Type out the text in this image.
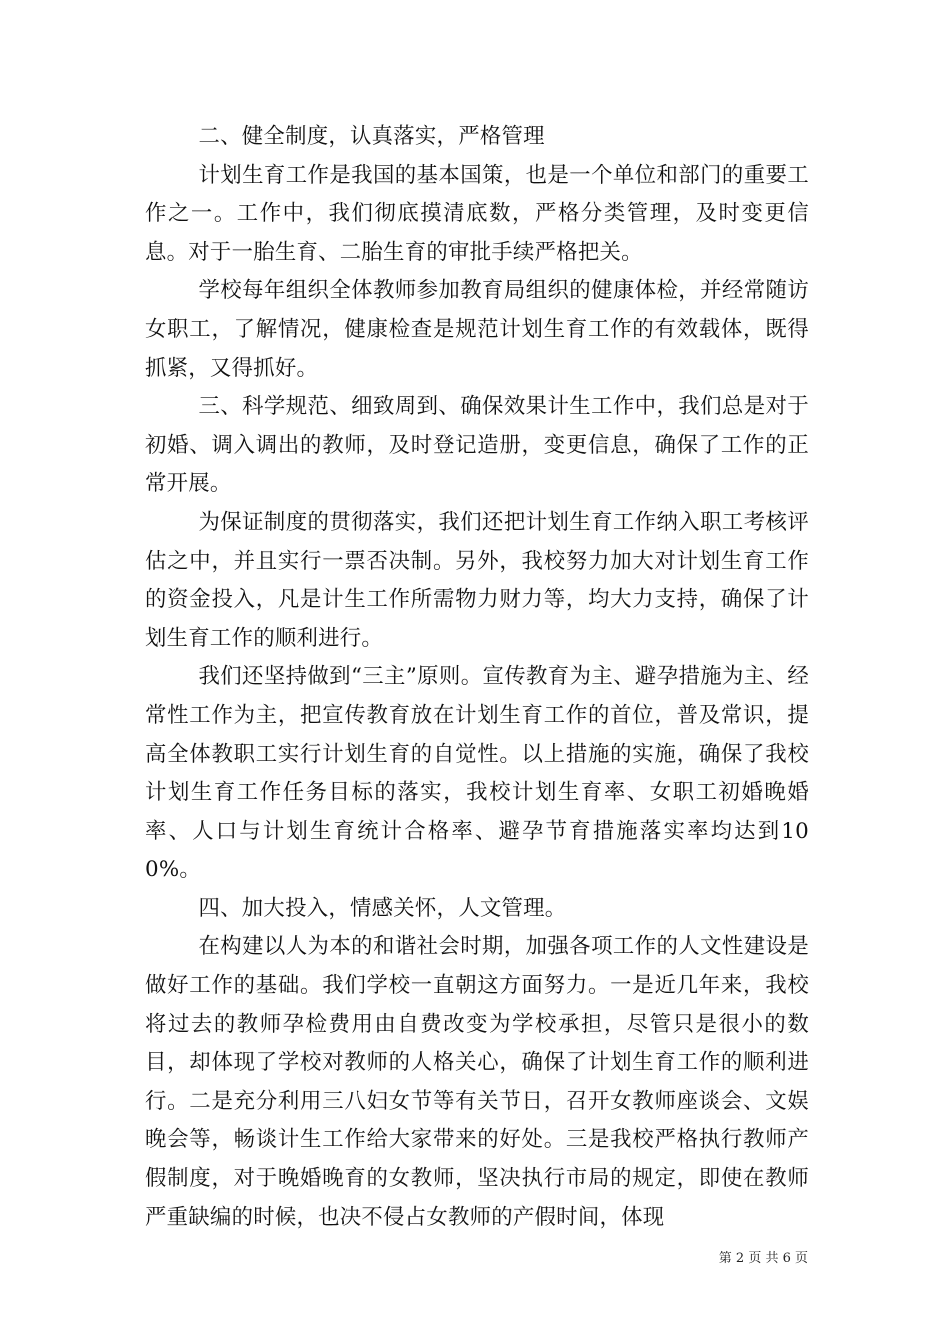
二、健全制度，认真落实，严格管理

计划生育工作是我国的基本国策，也是一个单位和部门的重要工作之一。工作中，我们彻底摸清底数，严格分类管理，及时变更信息。对于一胎生育、二胎生育的审批手续严格把关。

学校每年组织全体教师参加教育局组织的健康体检，并经常随访女职工，了解情况，健康检查是规范计划生育工作的有效载体，既得抓紧，又得抓好。

三、科学规范、细致周到、确保效果计生工作中，我们总是对于初婚、调入调出的教师，及时登记造册，变更信息，确保了工作的正常开展。

为保证制度的贯彻落实，我们还把计划生育工作纳入职工考核评估之中，并且实行一票否决制。另外，我校努力加大对计划生育工作的资金投入，凡是计生工作所需物力财力等，均大力支持，确保了计划生育工作的顺利进行。

我们还坚持做到“三主”原则。宣传教育为主、避孕措施为主、经常性工作为主，把宣传教育放在计划生育工作的首位，普及常识，提高全体教职工实行计划生育的自觉性。以上措施的实施，确保了我校计划生育工作任务目标的落实，我校计划生育率、女职工初婚晚婚率、人口与计划生育统计合格率、避孕节育措施落实率均达到100%。

四、加大投入，情感关怀，人文管理。

在构建以人为本的和谐社会时期，加强各项工作的人文性建设是做好工作的基础。我们学校一直朝这方面努力。一是近几年来，我校将过去的教师孕检费用由自费改变为学校承担，尽管只是很小的数目，却体现了学校对教师的人格关心，确保了计划生育工作的顺利进行。二是充分利用三八妇女节等有关节日，召开女教师座谈会、文娱晚会等，畅谈计生工作给大家带来的好处。三是我校严格执行教师产假制度，对于晚婚晚育的女教师，坚决执行市局的规定，即使在教师严重缺编的时候，也决不侵占女教师的产假时间，体现

第 2 页 共 6 页
